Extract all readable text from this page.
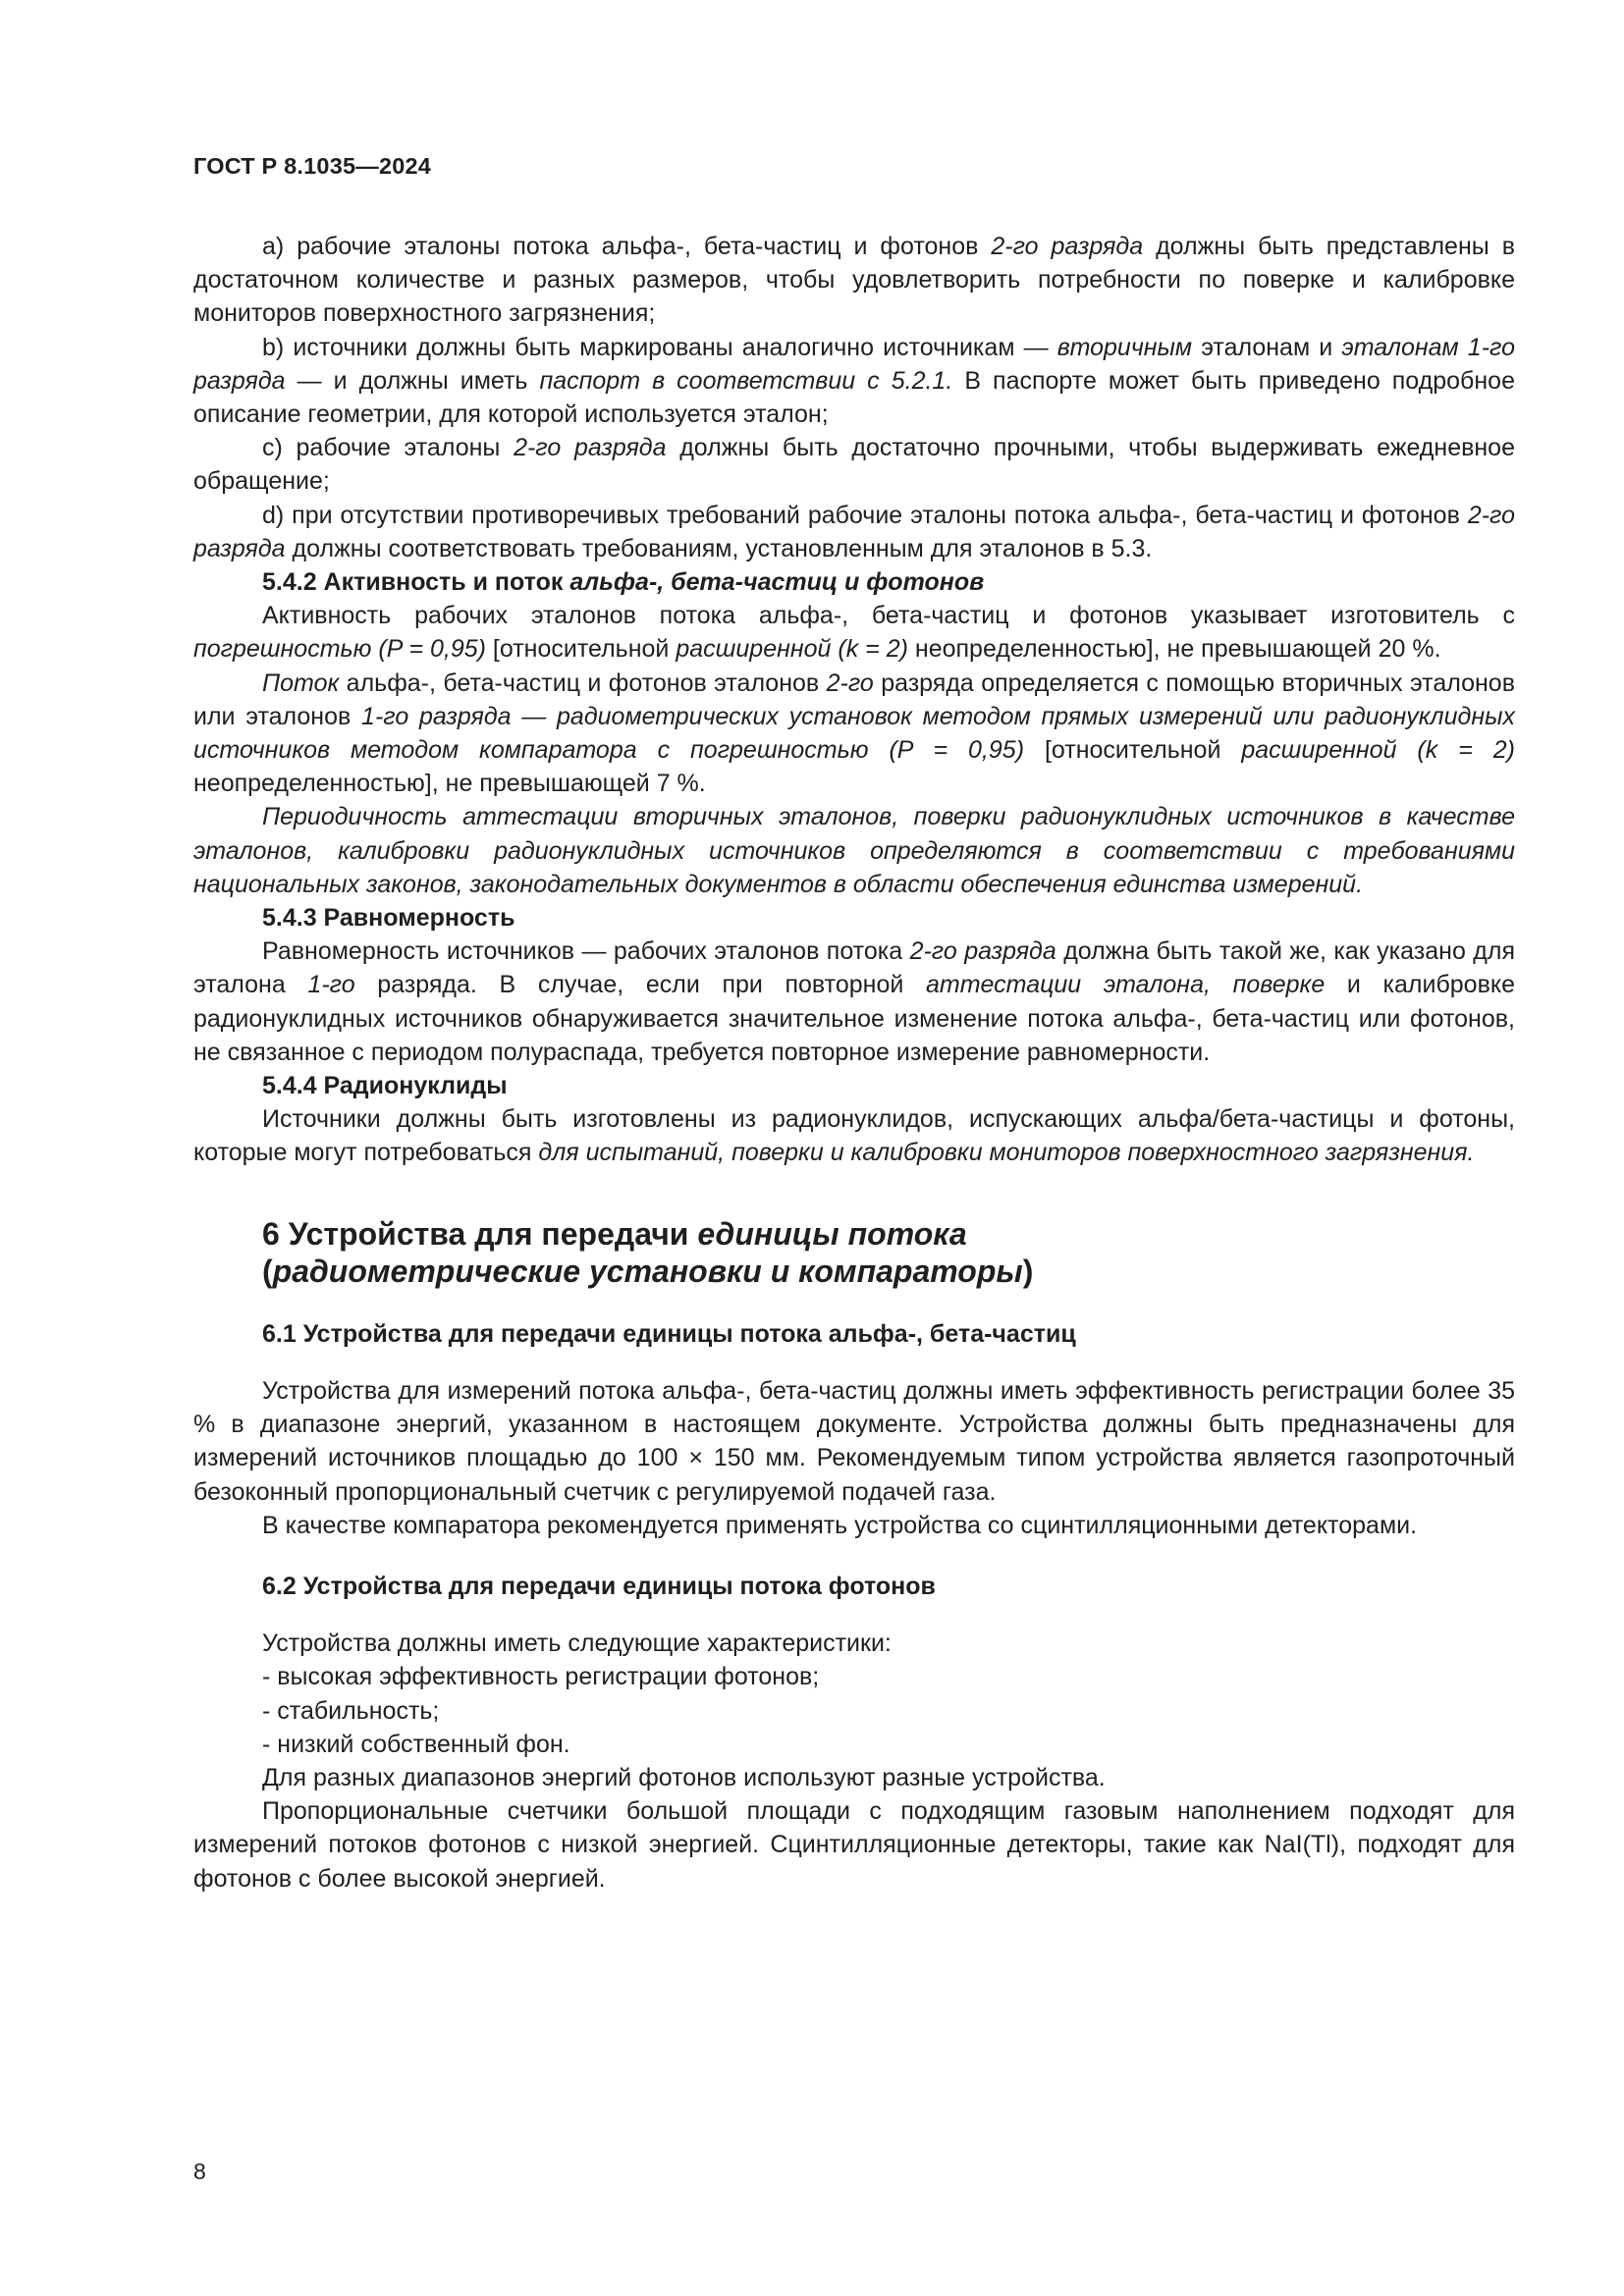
ГОСТ Р 8.1035—2024

a) рабочие эталоны потока альфа-, бета-частиц и фотонов 2-го разряда должны быть представлены в достаточном количестве и разных размеров, чтобы удовлетворить потребности по поверке и калибровке мониторов поверхностного загрязнения;

b) источники должны быть маркированы аналогично источникам — вторичным эталонам и эталонам 1-го разряда — и должны иметь паспорт в соответствии с 5.2.1. В паспорте может быть приведено подробное описание геометрии, для которой используется эталон;

c) рабочие эталоны 2-го разряда должны быть достаточно прочными, чтобы выдерживать ежедневное обращение;

d) при отсутствии противоречивых требований рабочие эталоны потока альфа-, бета-частиц и фотонов 2-го разряда должны соответствовать требованиям, установленным для эталонов в 5.3.

5.4.2 Активность и поток альфа-, бета-частиц и фотонов

Активность рабочих эталонов потока альфа-, бета-частиц и фотонов указывает изготовитель с погрешностью (P = 0,95) [относительной расширенной (k = 2) неопределенностью], не превышающей 20 %.

Поток альфа-, бета-частиц и фотонов эталонов 2-го разряда определяется с помощью вторичных эталонов или эталонов 1-го разряда — радиометрических установок методом прямых измерений или радионуклидных источников методом компаратора с погрешностью (P = 0,95) [относительной расширенной (k = 2) неопределенностью], не превышающей 7 %.

Периодичность аттестации вторичных эталонов, поверки радионуклидных источников в качестве эталонов, калибровки радионуклидных источников определяются в соответствии с требованиями национальных законов, законодательных документов в области обеспечения единства измерений.

5.4.3 Равномерность

Равномерность источников — рабочих эталонов потока 2-го разряда должна быть такой же, как указано для эталона 1-го разряда. В случае, если при повторной аттестации эталона, поверке и калибровке радионуклидных источников обнаруживается значительное изменение потока альфа-, бета-частиц или фотонов, не связанное с периодом полураспада, требуется повторное измерение равномерности.

5.4.4 Радионуклиды

Источники должны быть изготовлены из радионуклидов, испускающих альфа/бета-частицы и фотоны, которые могут потребоваться для испытаний, поверки и калибровки мониторов поверхностного загрязнения.

6 Устройства для передачи единицы потока
(радиометрические установки и компараторы)

6.1 Устройства для передачи единицы потока альфа-, бета-частиц

Устройства для измерений потока альфа-, бета-частиц должны иметь эффективность регистрации более 35 % в диапазоне энергий, указанном в настоящем документе. Устройства должны быть предназначены для измерений источников площадью до 100 × 150 мм. Рекомендуемым типом устройства является газопроточный безоконный пропорциональный счетчик с регулируемой подачей газа.

В качестве компаратора рекомендуется применять устройства со сцинтилляционными детекторами.

6.2 Устройства для передачи единицы потока фотонов

Устройства должны иметь следующие характеристики:

- высокая эффективность регистрации фотонов;
- стабильность;
- низкий собственный фон.

Для разных диапазонов энергий фотонов используют разные устройства.

Пропорциональные счетчики большой площади с подходящим газовым наполнением подходят для измерений потоков фотонов с низкой энергией. Сцинтилляционные детекторы, такие как NaI(Tl), подходят для фотонов с более высокой энергией.

8
